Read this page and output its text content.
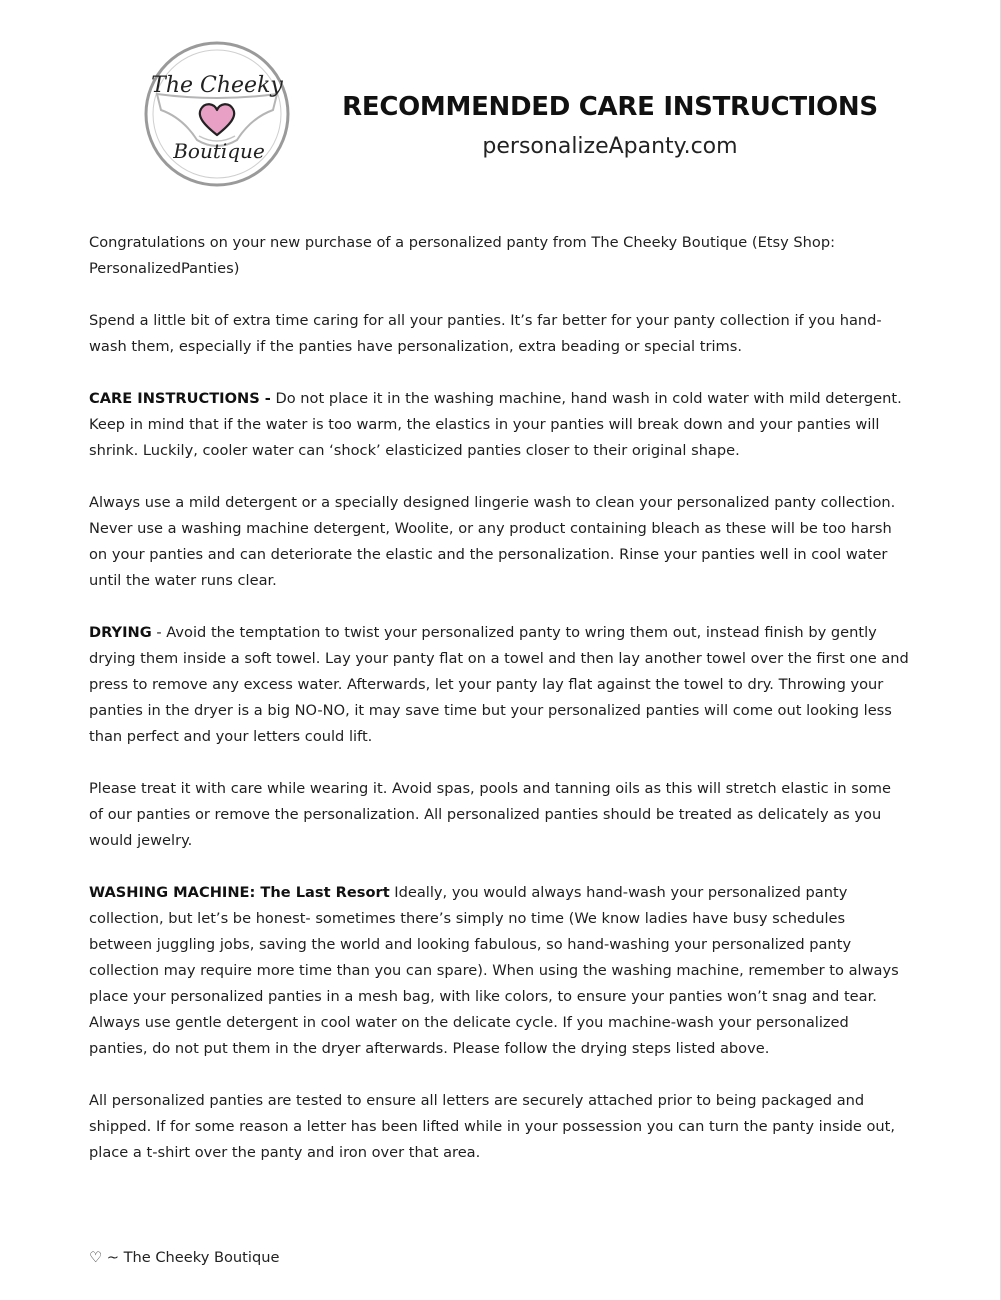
The Cheeky
Boutique
RECOMMENDED CARE INSTRUCTIONS
personalizeApanty.com

Congratulations on your new purchase of a personalized panty from The Cheeky Boutique (Etsy Shop: PersonalizedPanties)

Spend a little bit of extra time caring for all your panties. It’s far better for your panty collection if you hand-wash them, especially if the panties have personalization, extra beading or special trims.

CARE INSTRUCTIONS - Do not place it in the washing machine, hand wash in cold water with mild detergent. Keep in mind that if the water is too warm, the elastics in your panties will break down and your panties will shrink. Luckily, cooler water can ‘shock’ elasticized panties closer to their original shape.

Always use a mild detergent or a specially designed lingerie wash to clean your personalized panty collection. Never use a washing machine detergent, Woolite, or any product containing bleach as these will be too harsh on your panties and can deteriorate the elastic and the personalization. Rinse your panties well in cool water until the water runs clear.

DRYING - Avoid the temptation to twist your personalized panty to wring them out, instead finish by gently drying them inside a soft towel. Lay your panty flat on a towel and then lay another towel over the first one and press to remove any excess water. Afterwards, let your panty lay flat against the towel to dry. Throwing your panties in the dryer is a big NO-NO, it may save time but your personalized panties will come out looking less than perfect and your letters could lift.

Please treat it with care while wearing it. Avoid spas, pools and tanning oils as this will stretch elastic in some of our panties or remove the personalization. All personalized panties should be treated as delicately as you would jewelry.

WASHING MACHINE: The Last Resort Ideally, you would always hand-wash your personalized panty collection, but let’s be honest- sometimes there’s simply no time (We know ladies have busy schedules between juggling jobs, saving the world and looking fabulous, so hand-washing your personalized panty collection may require more time than you can spare). When using the washing machine, remember to always place your personalized panties in a mesh bag, with like colors, to ensure your panties won’t snag and tear. Always use gentle detergent in cool water on the delicate cycle. If you machine-wash your personalized panties, do not put them in the dryer afterwards. Please follow the drying steps listed above.

All personalized panties are tested to ensure all letters are securely attached prior to being packaged and shipped. If for some reason a letter has been lifted while in your possession you can turn the panty inside out, place a t-shirt over the panty and iron over that area.

♡ ~ The Cheeky Boutique
